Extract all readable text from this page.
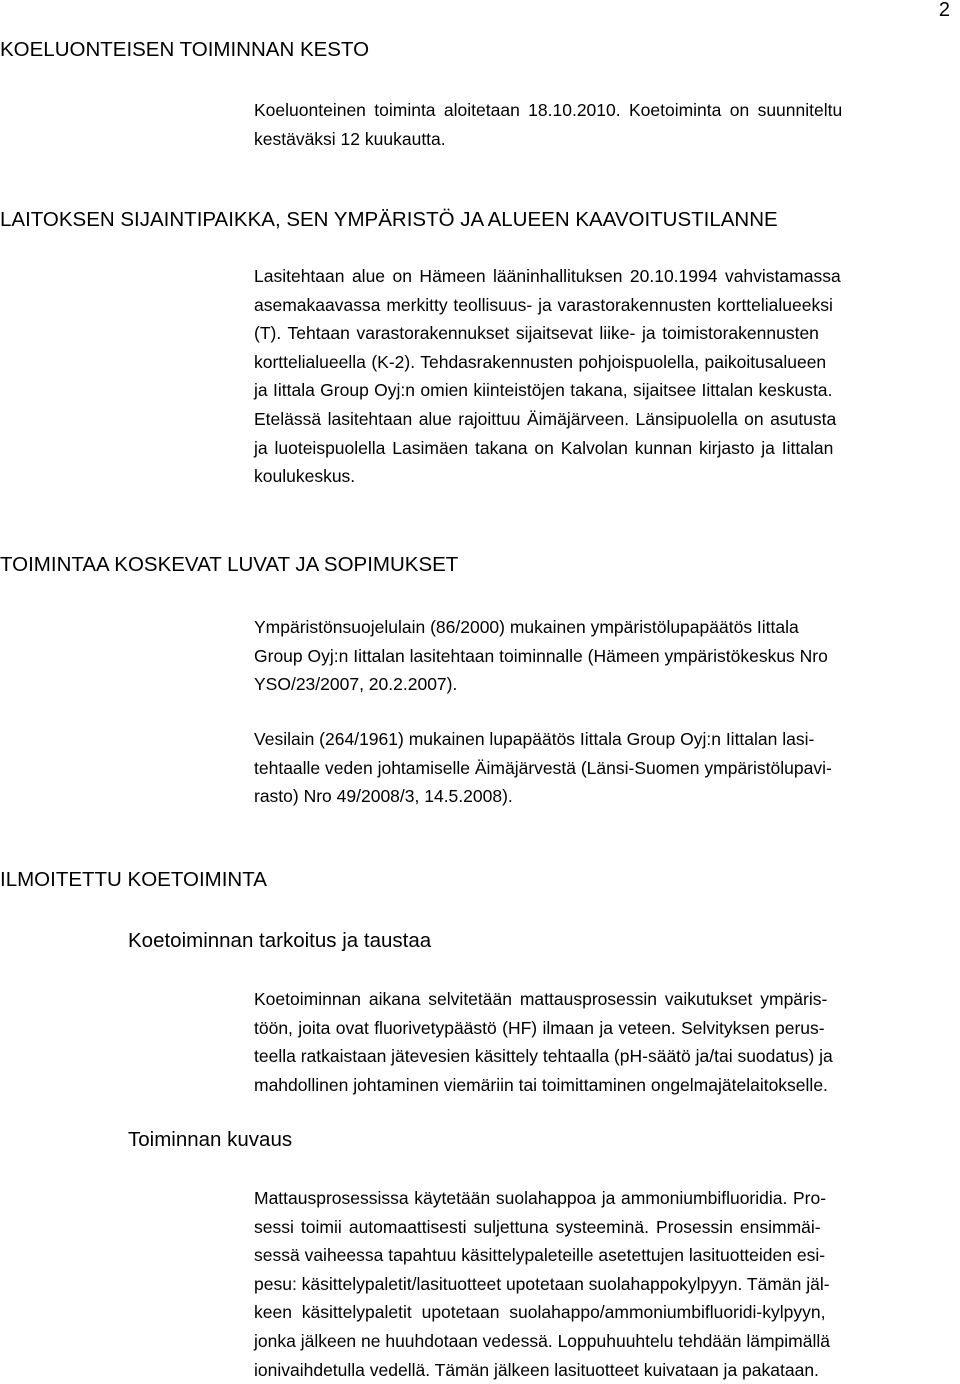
2
KOELUONTEISEN TOIMINNAN KESTO
Koeluonteinen toiminta aloitetaan 18.10.2010. Koetoiminta on suunniteltu
kestäväksi 12 kuukautta.
LAITOKSEN SIJAINTIPAIKKA, SEN YMPÄRISTÖ JA ALUEEN KAAVOITUSTILANNE
Lasitehtaan alue on Hämeen lääninhallituksen 20.10.1994 vahvistamassa
asemakaavassa merkitty teollisuus- ja varastorakennusten korttelialueeksi
(T). Tehtaan varastorakennukset sijaitsevat liike- ja toimistorakennusten
korttelialueella (K-2). Tehdasrakennusten pohjoispuolella, paikoitusalueen
ja Iittala Group Oyj:n omien kiinteistöjen takana, sijaitsee Iittalan keskusta.
Etelässä lasitehtaan alue rajoittuu Äimäjärveen. Länsipuolella on asutusta
ja luoteispuolella Lasimäen takana on Kalvolan kunnan kirjasto ja Iittalan
koulukeskus.
TOIMINTAA KOSKEVAT LUVAT JA SOPIMUKSET
Ympäristönsuojelulain (86/2000) mukainen ympäristölupapäätös Iittala
Group Oyj:n Iittalan lasitehtaan toiminnalle (Hämeen ympäristökeskus Nro
YSO/23/2007, 20.2.2007).
Vesilain (264/1961) mukainen lupapäätös Iittala Group Oyj:n Iittalan lasi-
tehtaalle veden johtamiselle Äimäjärvestä (Länsi-Suomen ympäristölupavi-
rasto) Nro 49/2008/3, 14.5.2008).
ILMOITETTU KOETOIMINTA
Koetoiminnan tarkoitus ja taustaa
Koetoiminnan aikana selvitetään mattausprosessin vaikutukset ympäris-
töön, joita ovat fluorivetypäästö (HF) ilmaan ja veteen. Selvityksen perus-
teella ratkaistaan jätevesien käsittely tehtaalla (pH-säätö ja/tai suodatus) ja
mahdollinen johtaminen viemäriin tai toimittaminen ongelmajätelaitokselle.
Toiminnan kuvaus
Mattausprosessissa käytetään suolahappoa ja ammoniumbifluoridia. Pro-
sessi toimii automaattisesti suljettuna systeeminä. Prosessin ensimmäi-
sessä vaiheessa tapahtuu käsittelypaleteille asetettujen lasituotteiden esi-
pesu: käsittelypaletit/lasituotteet upotetaan suolahappokylpyyn. Tämän jäl-
keen käsittelypaletit upotetaan suolahappo/ammoniumbifluoridi-kylpyyn,
jonka jälkeen ne huuhdotaan vedessä. Loppuhuuhtelu tehdään lämpimällä
ionivaihdetulla vedellä. Tämän jälkeen lasituotteet kuivataan ja pakataan.
